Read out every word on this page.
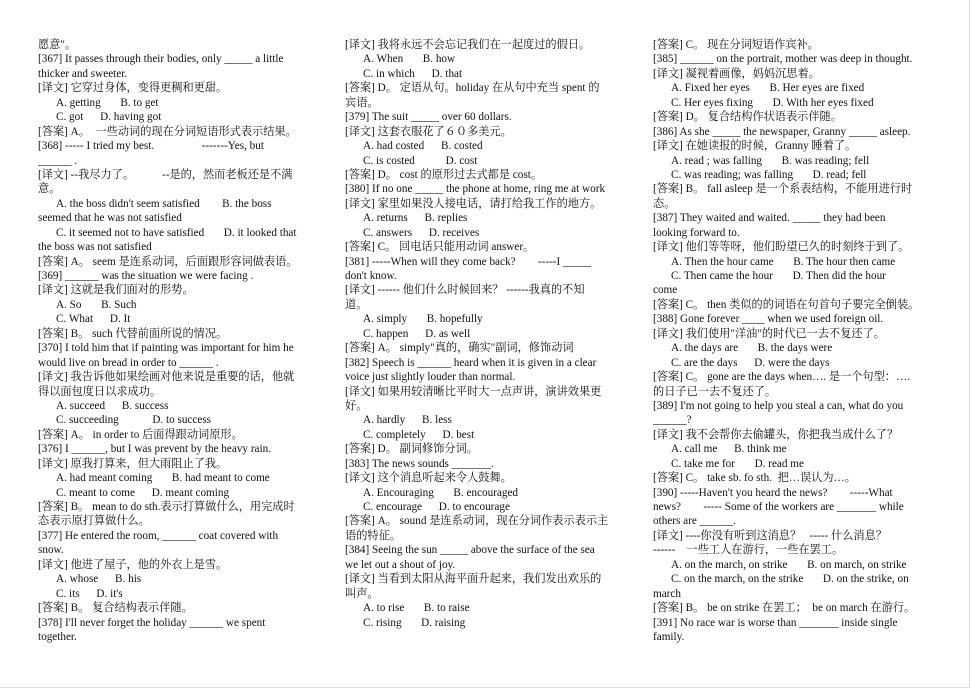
愿意"。
[367] It passes through their bodies, only _____ a little
thicker and sweeter.
[译文] 它穿过身体，变得更稠和更甜。
A. getting       B. to get
C. got      D. having got
[答案] A。  一些动词的现在分词短语形式表示结果。
[368] ----- I tried my best.                 -------Yes, but
______ .
[译文] --我尽力了。          --是的，然而老板还是不满
意。
A. the boss didn't seem satisfied        B. the boss
seemed that he was not satisfied
C. it seemed not to have satisfied       D. it looked that
the boss was not satisfied
[答案] A。 seem 是连系动词，后面跟形容词做表语。
[369] ______ was the situation we were facing .
[译文] 这就是我们面对的形势。
A. So       B. Such
C. What      D. It
[答案] B。 such 代替前面所说的情况。
[370] I told him that if painting was important for him he
would live on bread in order to ______ .
[译文] 我告诉他如果绘画对他来说是重要的话，他就
得以面包度日以求成功。
A. succeed      B. success
C. succeeding            D. to success
[答案] A。 in order to 后面得跟动词原形。
[376] I ______, but I was prevent by the heavy rain.
[译文] 原我打算来，但大雨阻止了我。
A. had meant coming       B. had meant to come
C. meant to come      D. meant coming
[答案] B。 mean to do sth.表示打算做什么，用完成时
态表示原打算做什么。
[377] He entered the room, ______ coat covered with
snow.
[译文] 他进了屋子，他的外衣上是雪。
A. whose      B. his
C. its      D. it's
[答案] B。 复合结构表示伴随。
[378] I'll never forget the holiday ______ we spent
together.
[译文] 我将永远不会忘记我们在一起度过的假日。
A. When       B. how
C. in which      D. that
[答案] D。 定语从句。holiday 在从句中充当 spent 的
宾语。
[379] The suit _____ over 60 dollars.
[译文] 这套衣服花了６０多美元。
A. had costed      B. costed
C. is costed           D. cost
[答案] D。 cost 的原形过去式都是 cost。
[380] If no one _____ the phone at home, ring me at work
[译文] 家里如果没人接电话，请打给我工作的地方。
A. returns      B. replies
C. answers      D. receives
[答案] C。 回电话只能用动词 answer。
[381] -----When will they come back?        -----I _____
don't know.
[译文] ------ 他们什么时候回来？ ------我真的不知
道。
A. simply       B. hopefully
C. happen      D. as well
[答案] A。 simply"真的，确实"副词，修饰动词
[382] Speech is ______ heard when it is given in a clear
voice just slightly louder than normal.
[译文] 如果用较清晰比平时大一点声讲，演讲效果更
好。
A. hardly      B. less
C. completely      D. best
[答案] D。 副词修饰分词。
[383] The news sounds _______.
[译文] 这个消息听起来令人鼓舞。
A. Encouraging       B. encouraged
C. encourage      D. to encourage
[答案] A。 sound 是连系动词，现在分词作表示表示主
语的特征。
[384] Seeing the sun _____ above the surface of the sea
we let out a shout of joy.
[译文] 当看到太阳从海平面升起来，我们发出欢乐的
叫声。
A. to rise       B. to raise
C. rising       D. raising
[答案] C。 现在分词短语作宾补。
[385] ______ on the portrait, mother was deep in thought.
[译文] 凝视着画像，妈妈沉思着。
A. Fixed her eyes       B. Her eyes are fixed
C. Her eyes fixing       D. With her eyes fixed
[答案] D。 复合结构作状语表示伴随。
[386] As she _____ the newspaper, Granny _____ asleep.
[译文] 在她读报的时候，Granny 睡着了。
A. read ; was falling       B. was reading; fell
C. was reading; was falling       D. read; fell
[答案] B。 fall asleep 是一个系表结构，不能用进行时
态。
[387] They waited and waited. _____ they had been
looking forward to.
[译文] 他们等等呀，他们盼望已久的时刻终于到了。
A. Then the hour came       B. The hour then came
C. Then came the hour       D. Then did the hour
come
[答案] C。 then 类似的的词语在句首句子要完全倒装。
[388] Gone forever ____ when we used foreign oil.
[译文] 我们使用"洋油"的时代已一去不复还了。
A. the days are       B. the days were
C. are the days      D. were the days
[答案] C。 gone are the days when…. 是一个句型：….
的日子已一去不复还了。
[389] I'm not going to help you steal a can, what do you
______?
[译文] 我不会帮你去偷罐头，你把我当成什么了？
A. call me      B. think me
C. take me for       D. read me
[答案] C。 take sb. fo sth.  把…误认为…。
[390] -----Haven't you heard the news?        -----What
news?        ----- Some of the workers are _______ while
others are ______.
[译文] ----你没有听到这消息？   ----- 什么消息？
------    一些工人在游行，一些在罢工。
A. on the march, on strike       B. on march, on strike
C. on the march, on the strike       D. on the strike, on
march
[答案] B。 be on strike 在罢工；  be on march 在游行。
[391] No race war is worse than _______ inside single
family.
